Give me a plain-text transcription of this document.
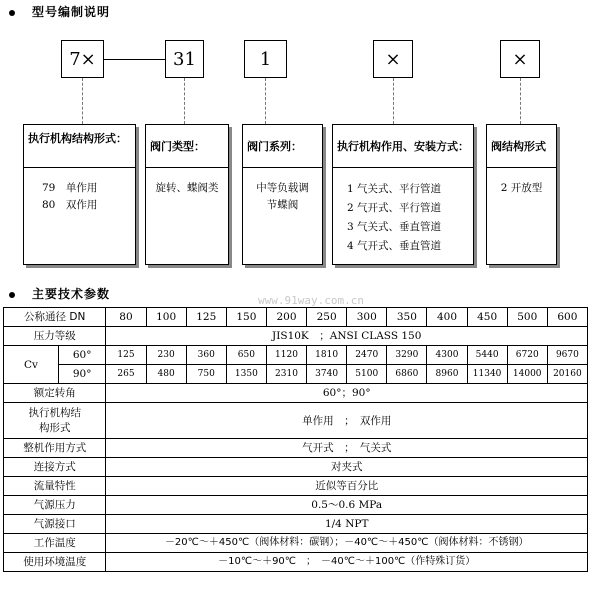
型号编制说明
7×	31	1	×	×
执行机构结构形式：
79　单作用
80　双作用
阀门类型：
旋转、蝶阀类
阀门系列：
中等负载调
节蝶阀
执行机构作用、安装方式：
1 气关式、平行管道
2 气开式、平行管道
3 气关式、垂直管道
4 气开式、垂直管道
阀结构形式
2 开放型
主要技术参数	www.91way.com.cn
公称通径 DN		80	100	125	150	200	250	300	350	400	450	500	600
压力等级		JIS10K　；ANSI CLASS 150											
Cv	60°	125	230	360	650	1120	1810	2470	3290	4300	5440	6720	9670
	90°	265	480	750	1350	2310	3740	5100	6860	8960	11340	14000	20160
额定转角		60°；90°											

执行机构结构形式		单作用　；　双作用											
整机作用方式		气开式　；　气关式											
连接方式		对夹式											
流量特性		近似等百分比											
气源压力		0.5～0.6 MPa											
气源接口		1/4 NPT											
工作温度		－20℃～＋450℃（阀体材料：碳钢）；－40℃～＋450℃（阀体材料：不锈钢）											
使用环境温度		－10℃～＋90℃　；　－40℃～＋100℃（作特殊订货）											
